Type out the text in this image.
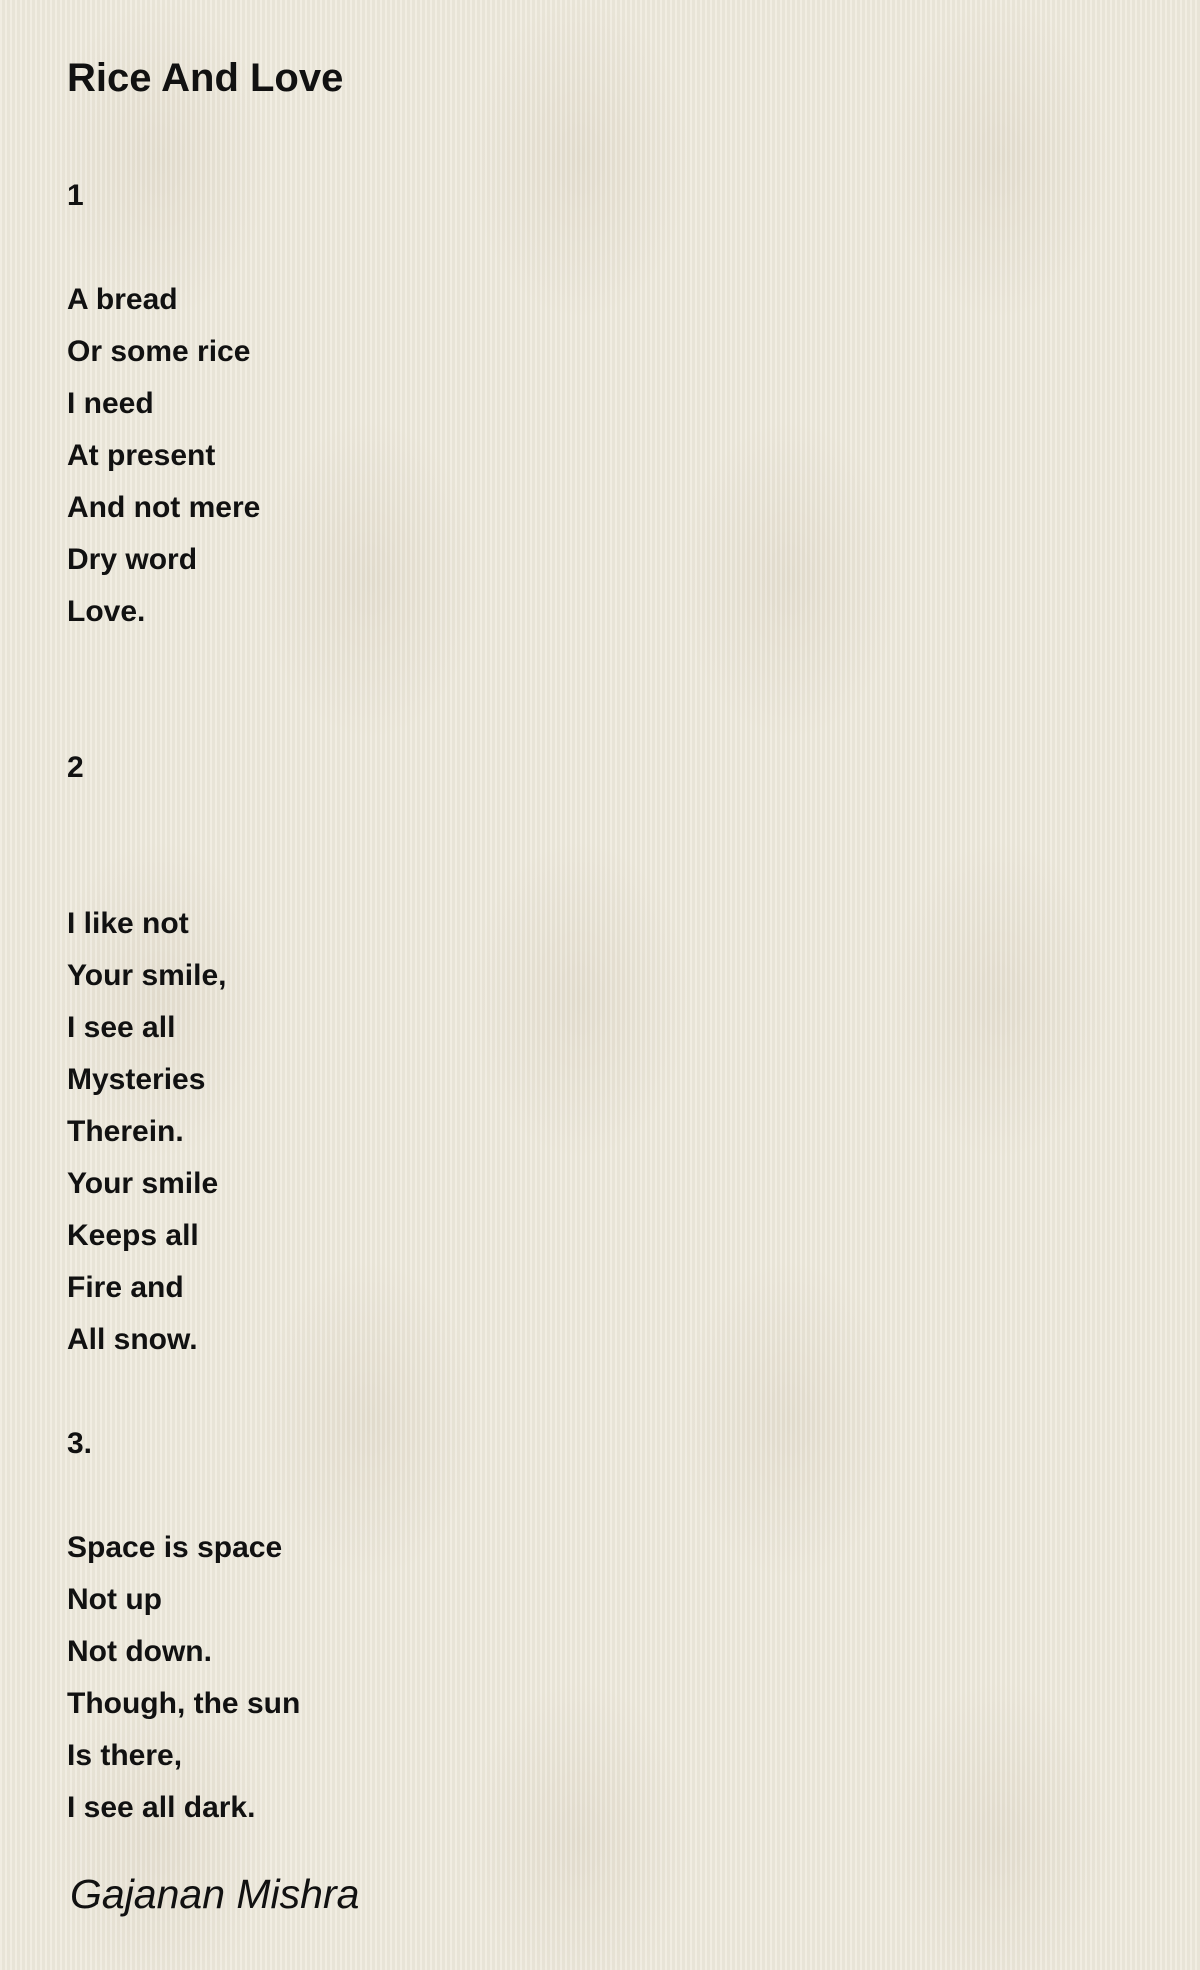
Rice And Love
1
A bread
Or some rice
I need
At present
And not mere
Dry word
Love.
2
I like not
Your smile,
I see all
Mysteries
Therein.
Your smile
Keeps all
Fire and
All snow.
3.
Space is space
Not up
Not down.
Though, the sun
Is there,
I see all dark.
Gajanan Mishra
